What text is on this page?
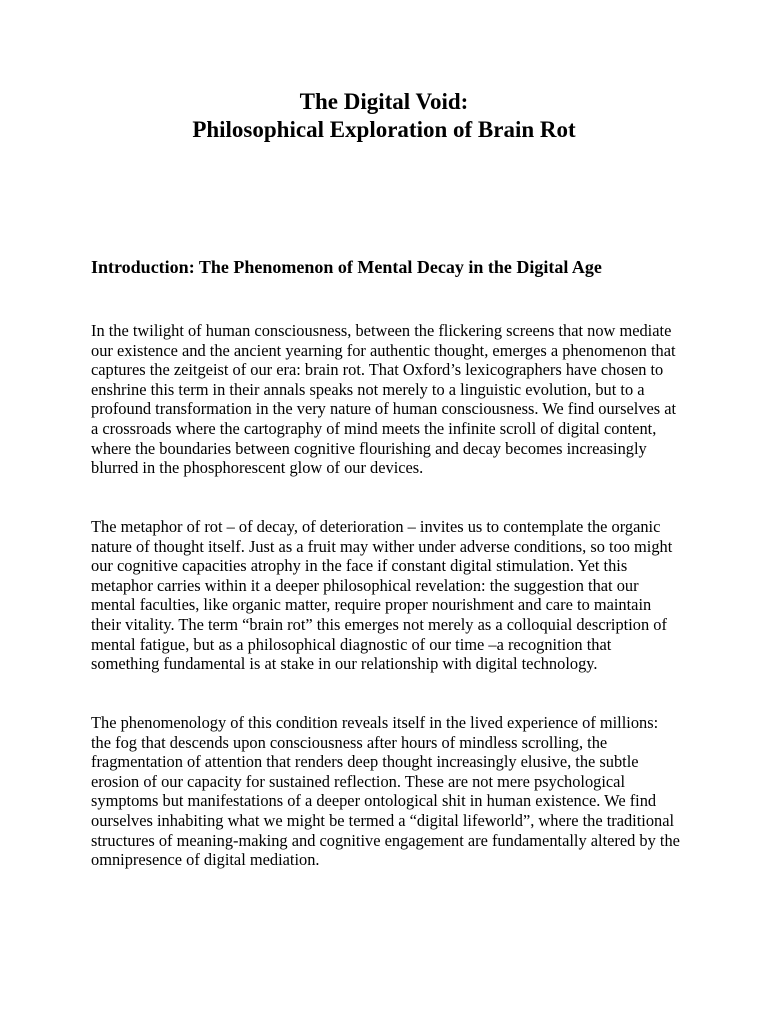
The Digital Void:
Philosophical Exploration of Brain Rot
Introduction: The Phenomenon of Mental Decay in the Digital Age

In the twilight of human consciousness, between the flickering screens that now mediate our existence and the ancient yearning for authentic thought, emerges a phenomenon that captures the zeitgeist of our era: brain rot. That Oxford’s lexicographers have chosen to enshrine this term in their annals speaks not merely to a linguistic evolution, but to a profound transformation in the very nature of human consciousness. We find ourselves at a crossroads where the cartography of mind meets the infinite scroll of digital content, where the boundaries between cognitive flourishing and decay becomes increasingly blurred in the phosphorescent glow of our devices.

The metaphor of rot – of decay, of deterioration – invites us to contemplate the organic nature of thought itself. Just as a fruit may wither under adverse conditions, so too might our cognitive capacities atrophy in the face if constant digital stimulation. Yet this metaphor carries within it a deeper philosophical revelation: the suggestion that our mental faculties, like organic matter, require proper nourishment and care to maintain their vitality. The term “brain rot” this emerges not merely as a colloquial description of mental fatigue, but as a philosophical diagnostic of our time –a recognition that something fundamental is at stake in our relationship with digital technology.

The phenomenology of this condition reveals itself in the lived experience of millions: the fog that descends upon consciousness after hours of mindless scrolling, the fragmentation of attention that renders deep thought increasingly elusive, the subtle erosion of our capacity for sustained reflection. These are not mere psychological symptoms but manifestations of a deeper ontological shit in human existence. We find ourselves inhabiting what we might be termed a “digital lifeworld”, where the traditional structures of meaning-making and cognitive engagement are fundamentally altered by the omnipresence of digital mediation.
